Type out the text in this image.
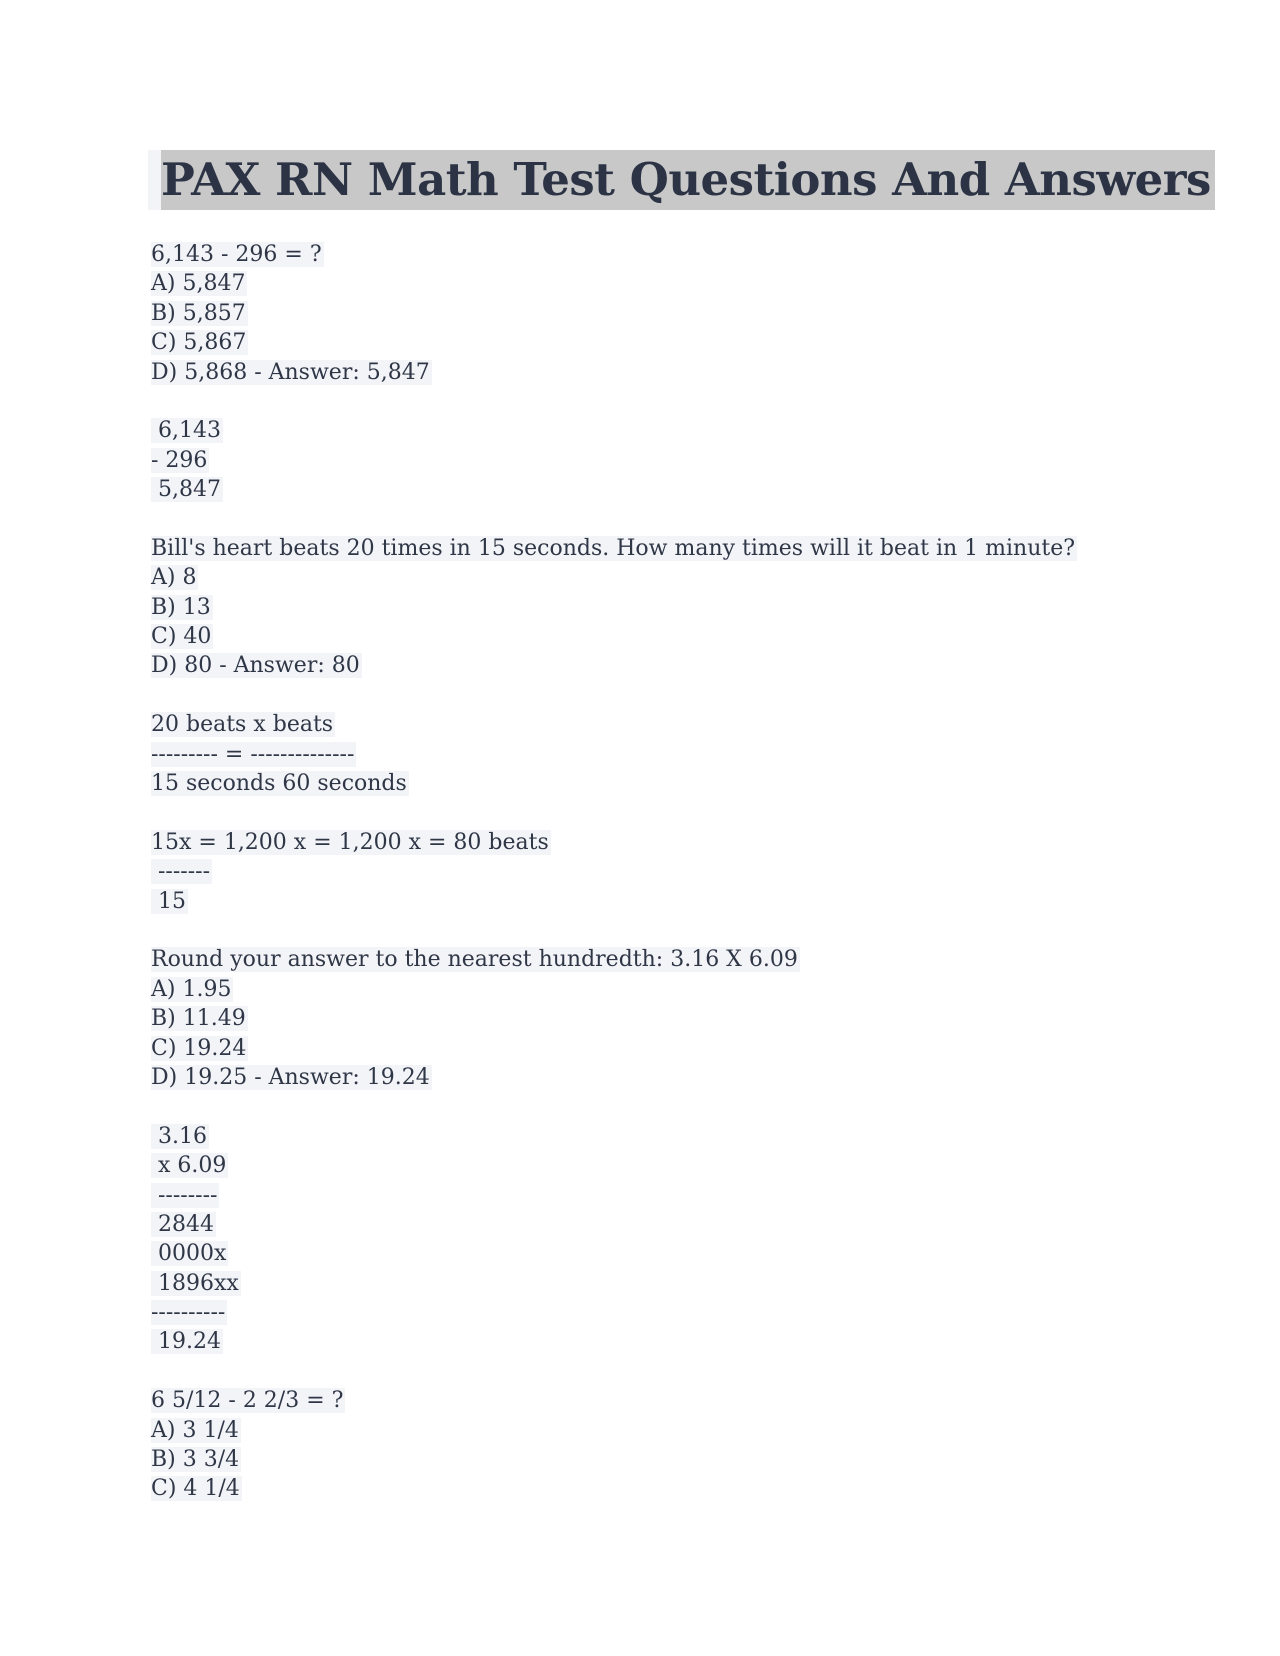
PAX RN Math Test Questions And Answers
6,143 - 296 = ?
A) 5,847
B) 5,857
C) 5,867
D) 5,868 - Answer: 5,847
6,143
- 296
5,847
Bill's heart beats 20 times in 15 seconds. How many times will it beat in 1 minute?
A) 8
B) 13
C) 40
D) 80 - Answer: 80
20 beats x beats
--------- = --------------
15 seconds 60 seconds
15x = 1,200 x = 1,200 x = 80 beats
-------
15
Round your answer to the nearest hundredth: 3.16 X 6.09
A) 1.95
B) 11.49
C) 19.24
D) 19.25 - Answer: 19.24
3.16
x 6.09
--------
2844
0000x
1896xx
----------
19.24
6 5/12 - 2 2/3 = ?
A) 3 1/4
B) 3 3/4
C) 4 1/4
